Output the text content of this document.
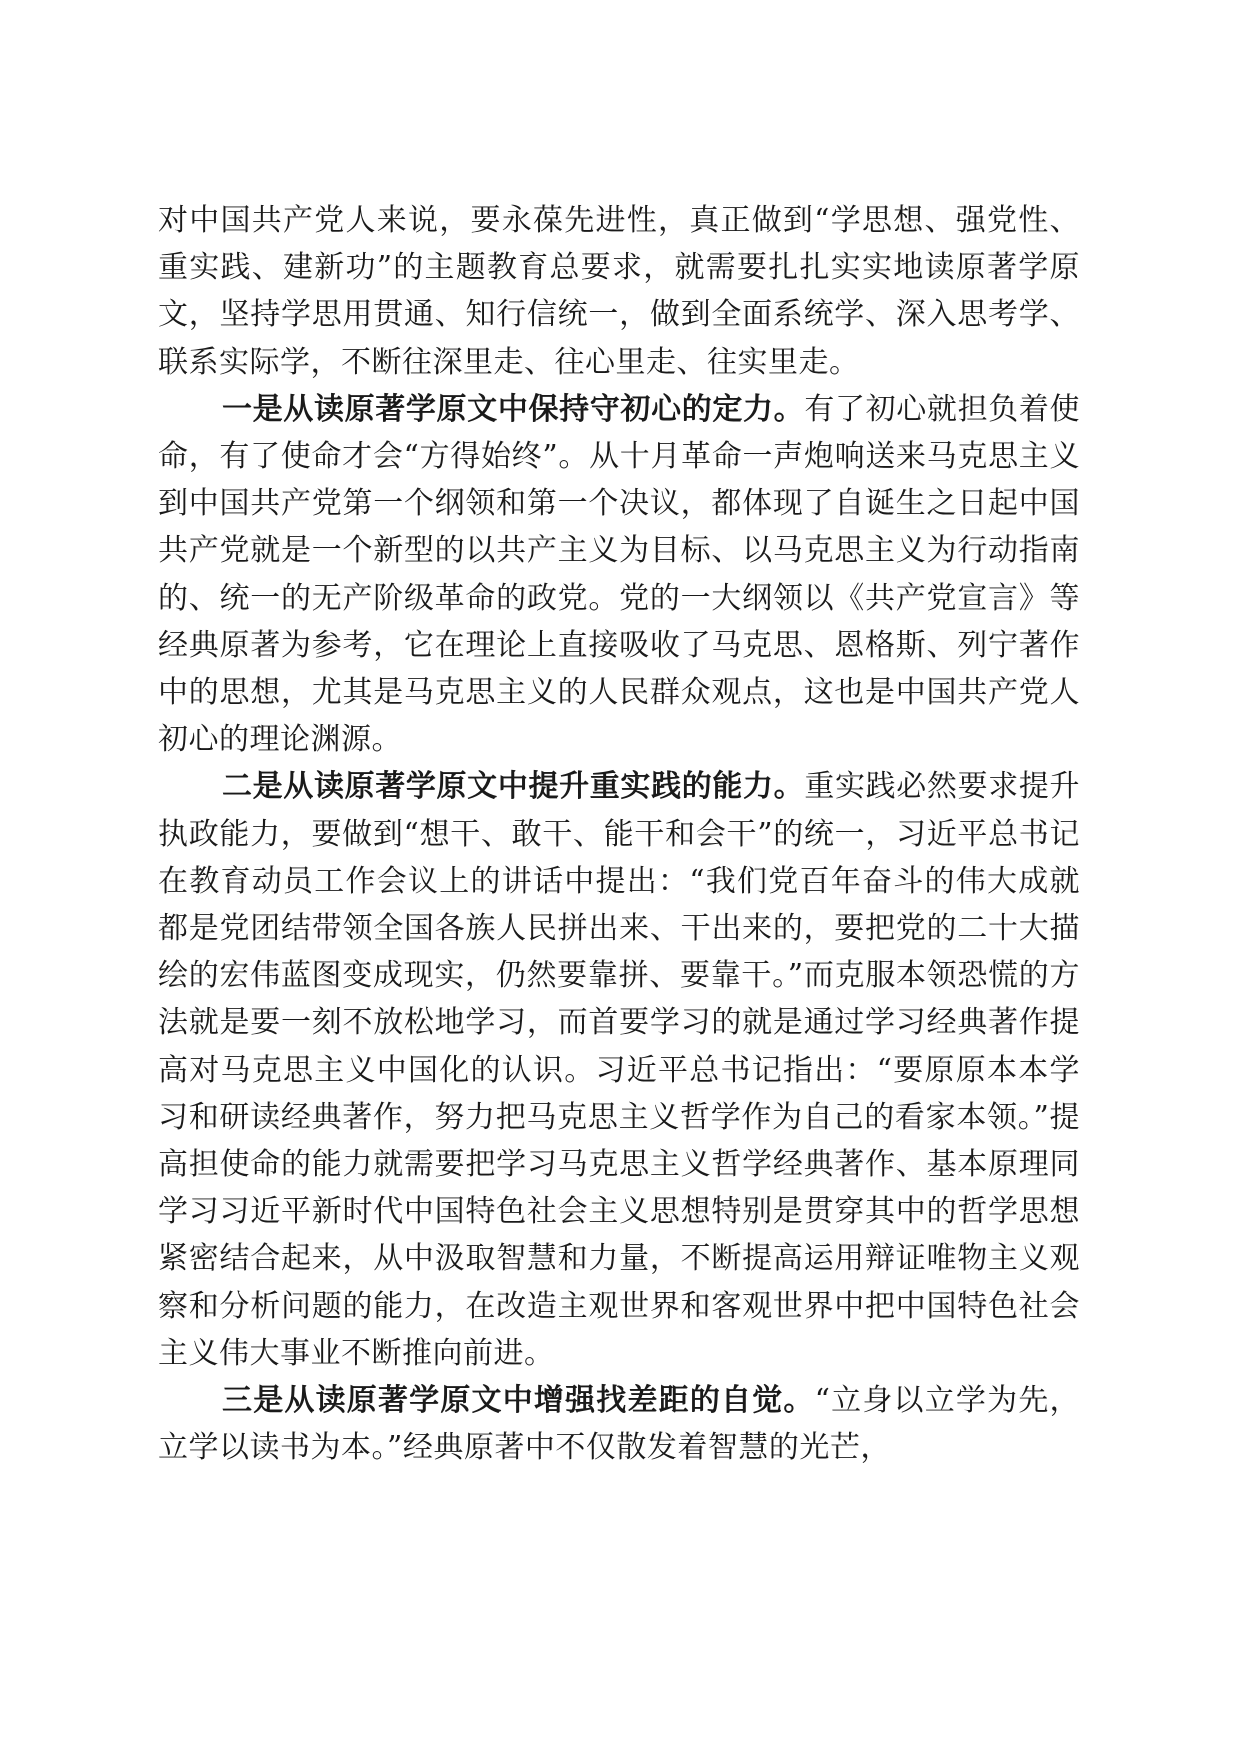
对中国共产党人来说，要永葆先进性，真正做到“学思想、强党性、重实践、建新功”的主题教育总要求，就需要扎扎实实地读原著学原文，坚持学思用贯通、知行信统一，做到全面系统学、深入思考学、联系实际学，不断往深里走、往心里走、往实里走。

一是从读原著学原文中保持守初心的定力。有了初心就担负着使命，有了使命才会“方得始终”。从十月革命一声炮响送来马克思主义到中国共产党第一个纲领和第一个决议，都体现了自诞生之日起中国共产党就是一个新型的以共产主义为目标、以马克思主义为行动指南的、统一的无产阶级革命的政党。党的一大纲领以《共产党宣言》等经典原著为参考，它在理论上直接吸收了马克思、恩格斯、列宁著作中的思想，尤其是马克思主义的人民群众观点，这也是中国共产党人初心的理论渊源。

二是从读原著学原文中提升重实践的能力。重实践必然要求提升执政能力，要做到“想干、敢干、能干和会干”的统一，习近平总书记在教育动员工作会议上的讲话中提出：“我们党百年奋斗的伟大成就都是党团结带领全国各族人民拼出来、干出来的，要把党的二十大描绘的宏伟蓝图变成现实，仍然要靠拼、要靠干。”而克服本领恐慌的方法就是要一刻不放松地学习，而首要学习的就是通过学习经典著作提高对马克思主义中国化的认识。习近平总书记指出：“要原原本本学习和研读经典著作，努力把马克思主义哲学作为自己的看家本领。”提高担使命的能力就需要把学习马克思主义哲学经典著作、基本原理同学习习近平新时代中国特色社会主义思想特别是贯穿其中的哲学思想紧密结合起来，从中汲取智慧和力量，不断提高运用辩证唯物主义观察和分析问题的能力，在改造主观世界和客观世界中把中国特色社会主义伟大事业不断推向前进。

三是从读原著学原文中增强找差距的自觉。“立身以立学为先，立学以读书为本。”经典原著中不仅散发着智慧的光芒，
